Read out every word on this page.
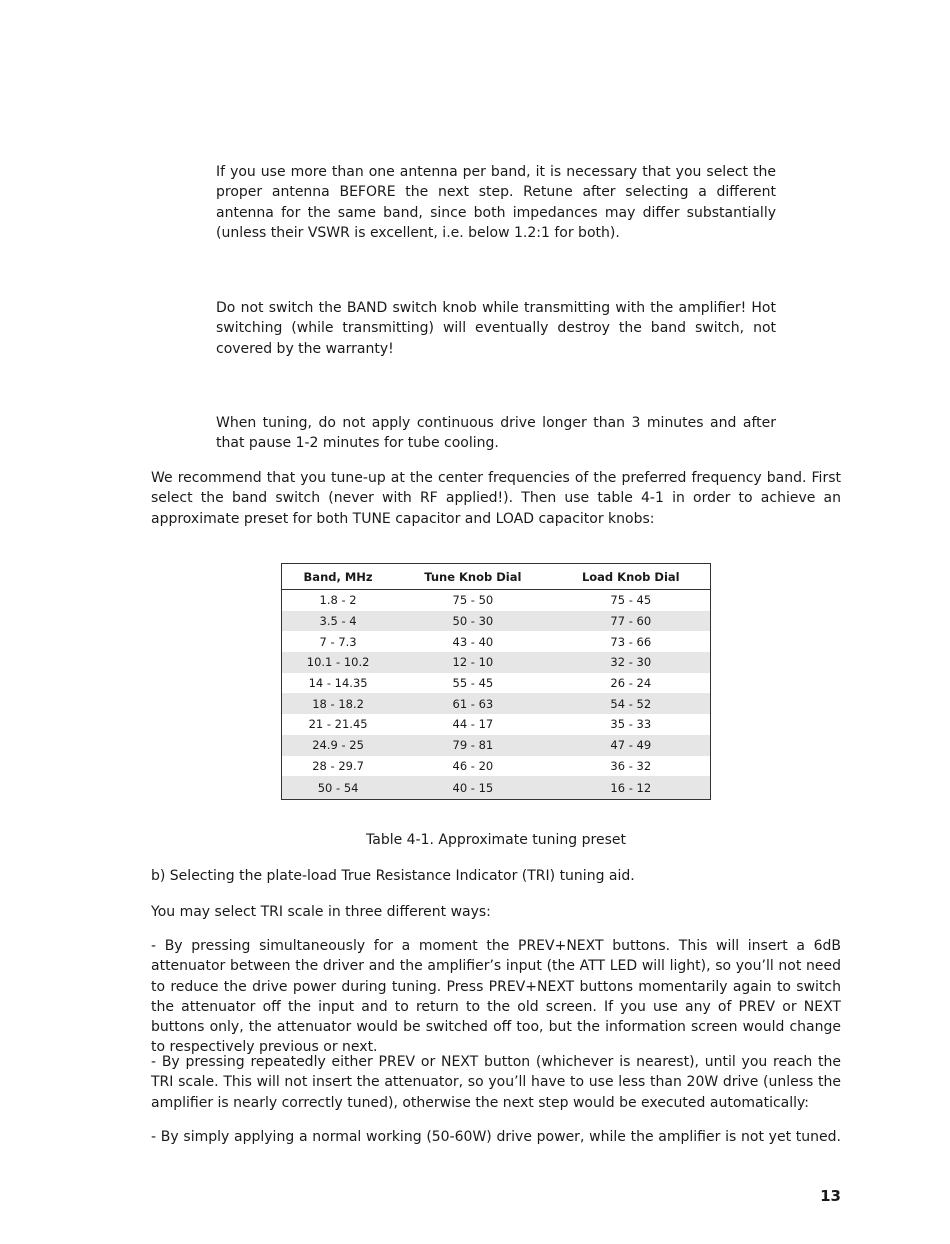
If you use more than one antenna per band, it is necessary that you select the proper antenna BEFORE the next step. Retune after selecting a different antenna for the same band, since both impedances may differ substantially (unless their VSWR is excellent, i.e. below 1.2:1 for both).

Do not switch the BAND switch knob while transmitting with the amplifier! Hot switching (while transmitting) will eventually destroy the band switch, not covered by the warranty!

When tuning, do not apply continuous drive longer than 3 minutes and after that pause 1-2 minutes for tube cooling.

We recommend that you tune-up at the center frequencies of the preferred frequency band. First select the band switch (never with RF applied!). Then use table 4-1 in order to achieve an approximate preset for both TUNE capacitor and LOAD capacitor knobs:

Band, MHz	Tune Knob Dial	Load Knob Dial
1.8 - 2	75 - 50	75 - 45
3.5 - 4	50 - 30	77 - 60
7 - 7.3	43 - 40	73 - 66
10.1 - 10.2	12 - 10	32 - 30
14 - 14.35	55 - 45	26 - 24
18 - 18.2	61 - 63	54 - 52
21 - 21.45	44 - 17	35 - 33
24.9 - 25	79 - 81	47 - 49
28 - 29.7	46 - 20	36 - 32
50 - 54	40 - 15	16 - 12

Table 4-1. Approximate tuning preset

b) Selecting the plate-load True Resistance Indicator (TRI) tuning aid.

You may select TRI scale in three different ways:

- By pressing simultaneously for a moment the PREV+NEXT buttons. This will insert a 6dB attenuator between the driver and the amplifier’s input (the ATT LED will light), so you’ll not need to reduce the drive power during tuning. Press PREV+NEXT buttons momentarily again to switch the attenuator off the input and to return to the old screen. If you use any of PREV or NEXT buttons only, the attenuator would be switched off too, but the information screen would change to respectively previous or next.

- By pressing repeatedly either PREV or NEXT button (whichever is nearest), until you reach the TRI scale. This will not insert the attenuator, so you’ll have to use less than 20W drive (unless the amplifier is nearly correctly tuned), otherwise the next step would be executed automatically:

- By simply applying a normal working (50-60W) drive power, while the amplifier is not yet tuned.

13
